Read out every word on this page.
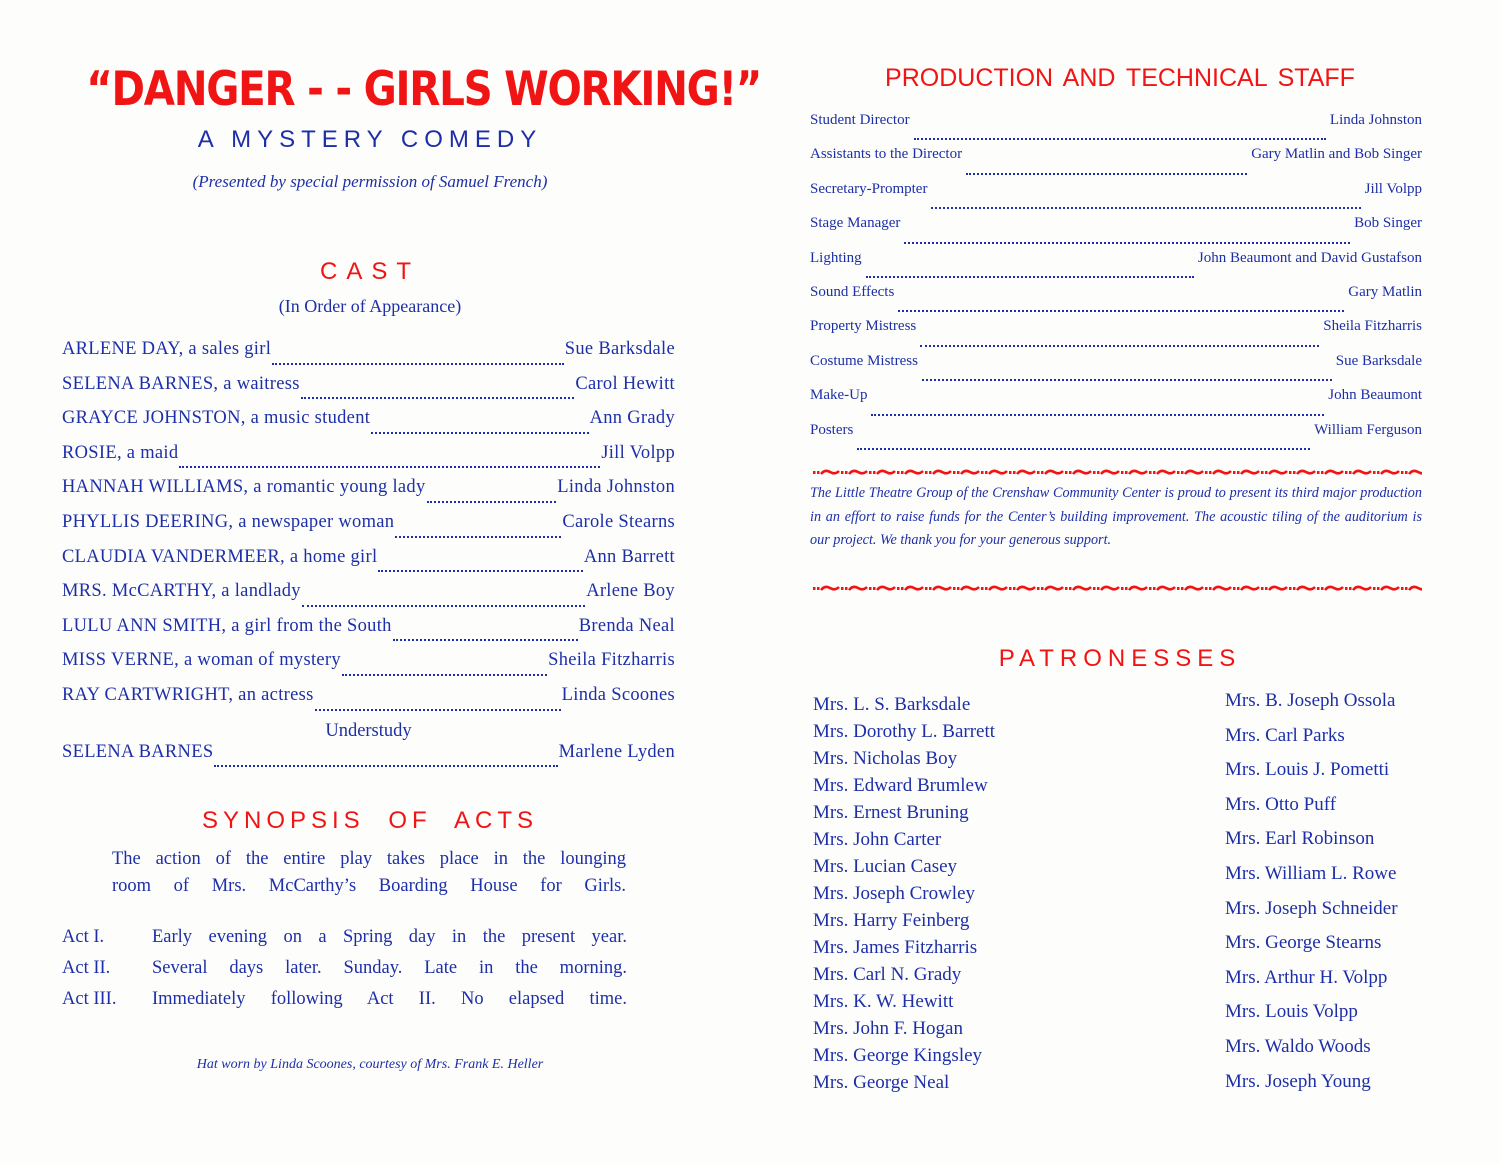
“DANGER - - GIRLS WORKING!”
A MYSTERY COMEDY
(Presented by special permission of Samuel French)
CAST
(In Order of Appearance)
ARLENE DAY, a sales girl	Sue Barksdale
SELENA BARNES, a waitress	Carol Hewitt
GRAYCE JOHNSTON, a music student	Ann Grady
ROSIE, a maid	Jill Volpp
HANNAH WILLIAMS, a romantic young lady	Linda Johnston
PHYLLIS DEERING, a newspaper woman	Carole Stearns
CLAUDIA VANDERMEER, a home girl	Ann Barrett
MRS. McCARTHY, a landlady	Arlene Boy
LULU ANN SMITH, a girl from the South	Brenda Neal
MISS VERNE, a woman of mystery	Sheila Fitzharris
RAY CARTWRIGHT, an actress	Linda Scoones
Understudy
SELENA BARNES	Marlene Lyden
SYNOPSIS OF ACTS
The action of the entire play takes place in the lounging
room of Mrs. McCarthy’s Boarding House for Girls.
Act I.	Early evening on a Spring day in the present year.
Act II.	Several days later. Sunday. Late in the morning.
Act III.	Immediately following Act II. No elapsed time.
Hat worn by Linda Scoones, courtesy of Mrs. Frank E. Heller
PRODUCTION AND TECHNICAL STAFF
Student Director	Linda Johnston
Assistants to the Director	Gary Matlin and Bob Singer
Secretary-Prompter	Jill Volpp
Stage Manager	Bob Singer
Lighting	John Beaumont and David Gustafson
Sound Effects	Gary Matlin
Property Mistress	Sheila Fitzharris
Costume Mistress	Sue Barksdale
Make-Up	John Beaumont
Posters	William Ferguson
The Little Theatre Group of the Crenshaw Community Center is proud to present its third major production in an effort to raise funds for the Center’s building improvement. The acoustic tiling of the auditorium is our project. We thank you for your generous support.
PATRONESSES
Mrs. L. S. Barksdale
Mrs. Dorothy L. Barrett
Mrs. Nicholas Boy
Mrs. Edward Brumlew
Mrs. Ernest Bruning
Mrs. John Carter
Mrs. Lucian Casey
Mrs. Joseph Crowley
Mrs. Harry Feinberg
Mrs. James Fitzharris
Mrs. Carl N. Grady
Mrs. K. W. Hewitt
Mrs. John F. Hogan
Mrs. George Kingsley
Mrs. George Neal
Mrs. B. Joseph Ossola
Mrs. Carl Parks
Mrs. Louis J. Pometti
Mrs. Otto Puff
Mrs. Earl Robinson
Mrs. William L. Rowe
Mrs. Joseph Schneider
Mrs. George Stearns
Mrs. Arthur H. Volpp
Mrs. Louis Volpp
Mrs. Waldo Woods
Mrs. Joseph Young
